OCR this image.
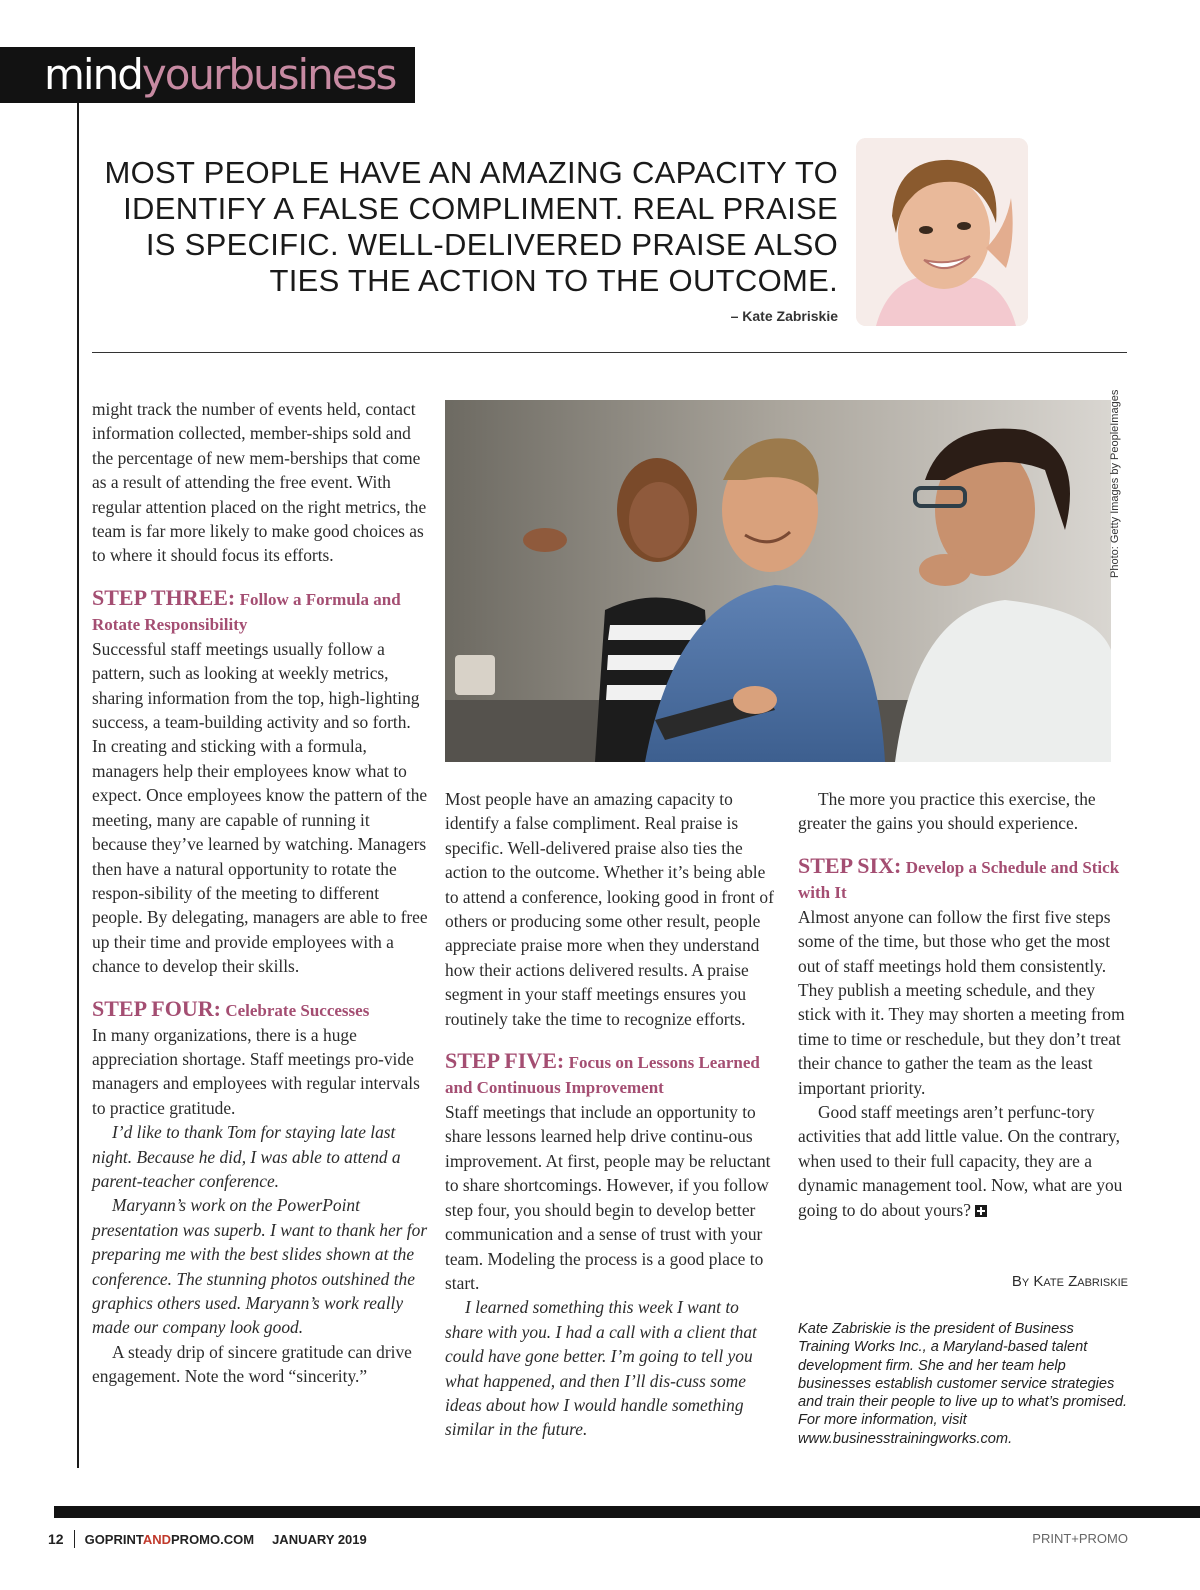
mindyourbusiness
MOST PEOPLE HAVE AN AMAZING CAPACITY TO IDENTIFY A FALSE COMPLIMENT. REAL PRAISE IS SPECIFIC. WELL-DELIVERED PRAISE ALSO TIES THE ACTION TO THE OUTCOME.
– Kate Zabriskie
Photo: Getty Images by PeopleImages

might track the number of events held, contact information collected, member-ships sold and the percentage of new mem-berships that come as a result of attending the free event. With regular attention placed on the right metrics, the team is far more likely to make good choices as to where it should focus its efforts.

STEP THREE: Follow a Formula and Rotate Responsibility

Successful staff meetings usually follow a pattern, such as looking at weekly metrics, sharing information from the top, high-lighting success, a team-building activity and so forth. In creating and sticking with a formula, managers help their employees know what to expect. Once employees know the pattern of the meeting, many are capable of running it because they’ve learned by watching. Managers then have a natural opportunity to rotate the respon-sibility of the meeting to different people. By delegating, managers are able to free up their time and provide employees with a chance to develop their skills.

STEP FOUR: Celebrate Successes

In many organizations, there is a huge appreciation shortage. Staff meetings pro-vide managers and employees with regular intervals to practice gratitude.

I’d like to thank Tom for staying late last night. Because he did, I was able to attend a parent-teacher conference.

Maryann’s work on the PowerPoint presentation was superb. I want to thank her for preparing me with the best slides shown at the conference. The stunning photos outshined the graphics others used. Maryann’s work really made our company look good.

A steady drip of sincere gratitude can drive engagement. Note the word “sincerity.”

Most people have an amazing capacity to identify a false compliment. Real praise is specific. Well-delivered praise also ties the action to the outcome. Whether it’s being able to attend a conference, looking good in front of others or producing some other result, people appreciate praise more when they understand how their actions delivered results. A praise segment in your staff meetings ensures you routinely take the time to recognize efforts.

STEP FIVE: Focus on Lessons Learned and Continuous Improvement

Staff meetings that include an opportunity to share lessons learned help drive continu-ous improvement. At first, people may be reluctant to share shortcomings. However, if you follow step four, you should begin to develop better communication and a sense of trust with your team. Modeling the process is a good place to start.

I learned something this week I want to share with you. I had a call with a client that could have gone better. I’m going to tell you what happened, and then I’ll dis-cuss some ideas about how I would handle something similar in the future.

The more you practice this exercise, the greater the gains you should experience.

STEP SIX: Develop a Schedule and Stick with It

Almost anyone can follow the first five steps some of the time, but those who get the most out of staff meetings hold them consistently. They publish a meeting schedule, and they stick with it. They may shorten a meeting from time to time or reschedule, but they don’t treat their chance to gather the team as the least important priority.

Good staff meetings aren’t perfunc-tory activities that add little value. On the contrary, when used to their full capacity, they are a dynamic management tool. Now, what are you going to do about yours?

By Kate Zabriskie
Kate Zabriskie is the president of Business Training Works Inc., a Maryland-based talent development firm. She and her team help businesses establish customer service strategies and train their people to live up to what’s promised. For more information, visit www.businesstrainingworks.com.
12 GOPRINTANDPROMO.COM JANUARY 2019	PRINT+PROMO
